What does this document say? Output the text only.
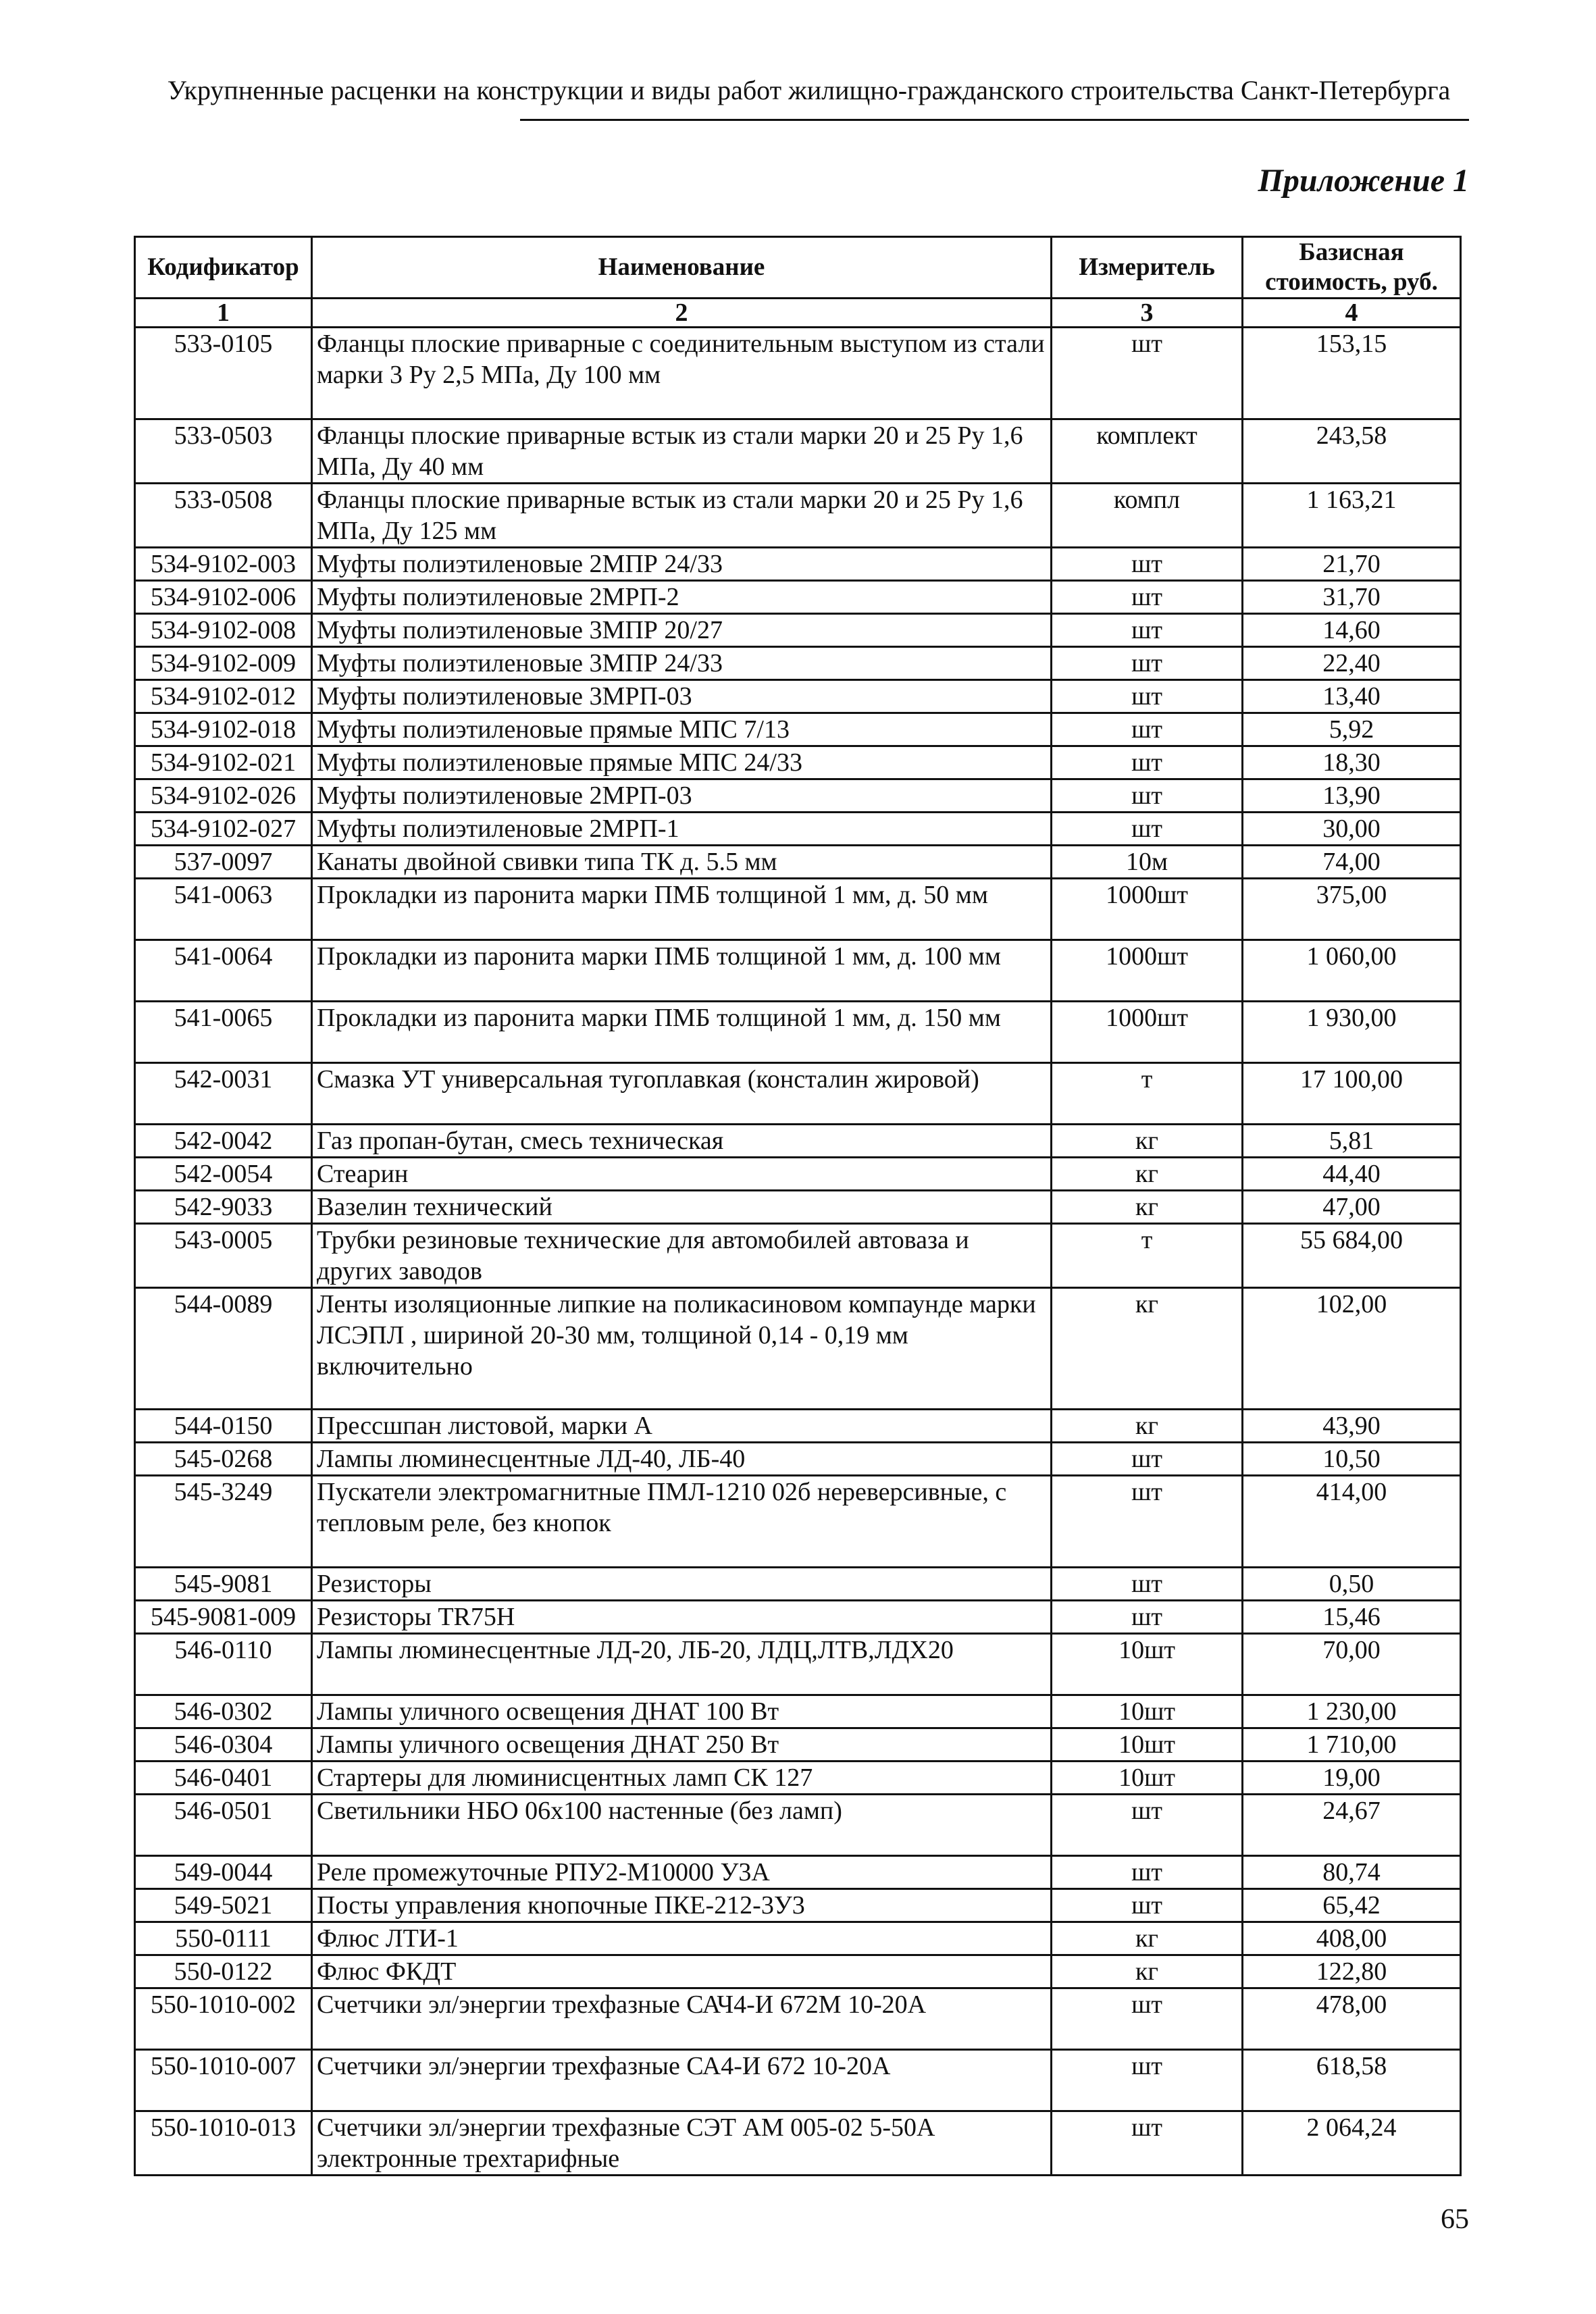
Укрупненные расценки на конструкции и виды работ жилищно-гражданского строительства Санкт-Петербурга
Приложение 1
Кодификатор	Наименование	Измеритель	Базисная стоимость, руб.
1	2	3	4
533-0105	Фланцы плоские приварные с соединительным выступом из стали марки 3 Ру 2,5 МПа, Ду 100 мм	шт	153,15
533-0503	Фланцы плоские приварные встык из стали марки 20 и 25 Ру 1,6 МПа, Ду 40 мм	комплект	243,58
533-0508	Фланцы плоские приварные встык из стали марки 20 и 25 Ру 1,6 МПа, Ду 125 мм	компл	1 163,21
534-9102-003	Муфты полиэтиленовые 2МПР 24/33	шт	21,70
534-9102-006	Муфты полиэтиленовые 2МРП-2	шт	31,70
534-9102-008	Муфты полиэтиленовые 3МПР 20/27	шт	14,60
534-9102-009	Муфты полиэтиленовые 3МПР 24/33	шт	22,40
534-9102-012	Муфты полиэтиленовые 3МРП-03	шт	13,40
534-9102-018	Муфты полиэтиленовые прямые МПС 7/13	шт	5,92
534-9102-021	Муфты полиэтиленовые прямые МПС 24/33	шт	18,30
534-9102-026	Муфты полиэтиленовые 2МРП-03	шт	13,90
534-9102-027	Муфты полиэтиленовые 2МРП-1	шт	30,00
537-0097	Канаты двойной свивки типа ТК д. 5.5 мм	10м	74,00
541-0063	Прокладки из паронита марки ПМБ толщиной 1 мм, д. 50 мм	1000шт	375,00
541-0064	Прокладки из паронита марки ПМБ толщиной 1 мм, д. 100 мм	1000шт	1 060,00
541-0065	Прокладки из паронита марки ПМБ толщиной 1 мм, д. 150 мм	1000шт	1 930,00
542-0031	Смазка УТ универсальная тугоплавкая (консталин жировой)	т	17 100,00
542-0042	Газ пропан-бутан, смесь техническая	кг	5,81
542-0054	Стеарин	кг	44,40
542-9033	Вазелин технический	кг	47,00
543-0005	Трубки резиновые технические для автомобилей автоваза и других заводов	т	55 684,00
544-0089	Ленты изоляционные липкие на поликасиновом компаунде марки ЛСЭПЛ , шириной 20-30 мм, толщиной 0,14 - 0,19 мм включительно	кг	102,00
544-0150	Прессшпан листовой, марки А	кг	43,90
545-0268	Лампы люминесцентные ЛД-40, ЛБ-40	шт	10,50
545-3249	Пускатели электромагнитные ПМЛ-1210 02б нереверсивные, с тепловым реле, без кнопок	шт	414,00
545-9081	Резисторы	шт	0,50
545-9081-009	Резисторы TR75H	шт	15,46
546-0110	Лампы люминесцентные ЛД-20, ЛБ-20, ЛДЦ,ЛТВ,ЛДХ20	10шт	70,00
546-0302	Лампы уличного освещения ДНАТ 100 Вт	10шт	1 230,00
546-0304	Лампы уличного освещения ДНАТ 250 Вт	10шт	1 710,00
546-0401	Стартеры для люминисцентных ламп СК 127	10шт	19,00
546-0501	Светильники НБО 06х100 настенные (без ламп)	шт	24,67
549-0044	Реле промежуточные РПУ2-М10000 У3А	шт	80,74
549-5021	Посты управления кнопочные ПКЕ-212-3У3	шт	65,42
550-0111	Флюс ЛТИ-1	кг	408,00
550-0122	Флюс ФКДТ	кг	122,80
550-1010-002	Счетчики эл/энергии трехфазные САЧ4-И 672М 10-20А	шт	478,00
550-1010-007	Счетчики эл/энергии трехфазные СА4-И 672 10-20А	шт	618,58
550-1010-013	Счетчики эл/энергии трехфазные СЭТ АМ 005-02 5-50А электронные трехтарифные	шт	2 064,24
65
